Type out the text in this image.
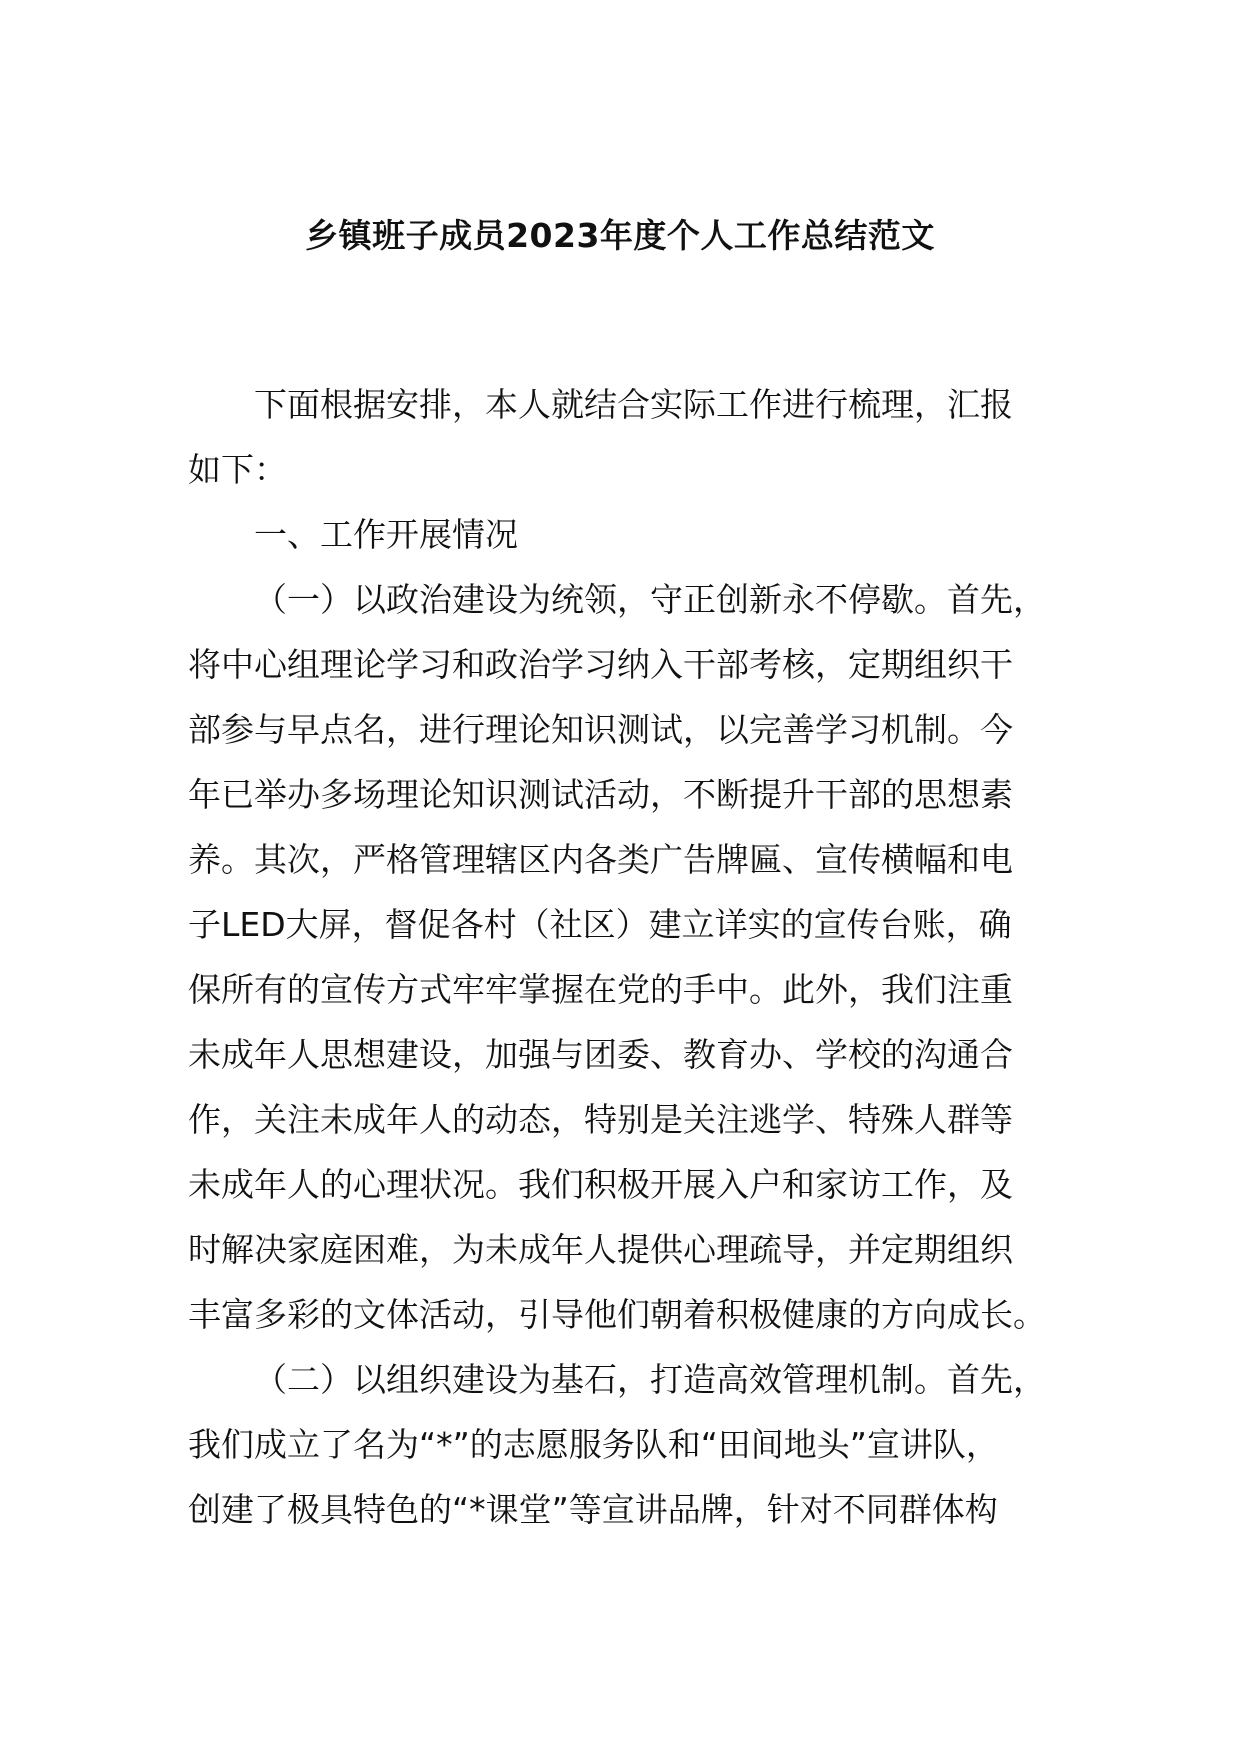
乡镇班子成员2023年度个人工作总结范文
下面根据安排，本人就结合实际工作进行梳理，汇报
如下：
一、工作开展情况
（一）以政治建设为统领，守正创新永不停歇。首先，
将中心组理论学习和政治学习纳入干部考核，定期组织干
部参与早点名，进行理论知识测试，以完善学习机制。今
年已举办多场理论知识测试活动，不断提升干部的思想素
养。其次，严格管理辖区内各类广告牌匾、宣传横幅和电
子LED大屏，督促各村（社区）建立详实的宣传台账，确
保所有的宣传方式牢牢掌握在党的手中。此外，我们注重
未成年人思想建设，加强与团委、教育办、学校的沟通合
作，关注未成年人的动态，特别是关注逃学、特殊人群等
未成年人的心理状况。我们积极开展入户和家访工作，及
时解决家庭困难，为未成年人提供心理疏导，并定期组织
丰富多彩的文体活动，引导他们朝着积极健康的方向成长。
（二）以组织建设为基石，打造高效管理机制。首先，
我们成立了名为“*”的志愿服务队和“田间地头”宣讲队，
创建了极具特色的“*课堂”等宣讲品牌，针对不同群体构
